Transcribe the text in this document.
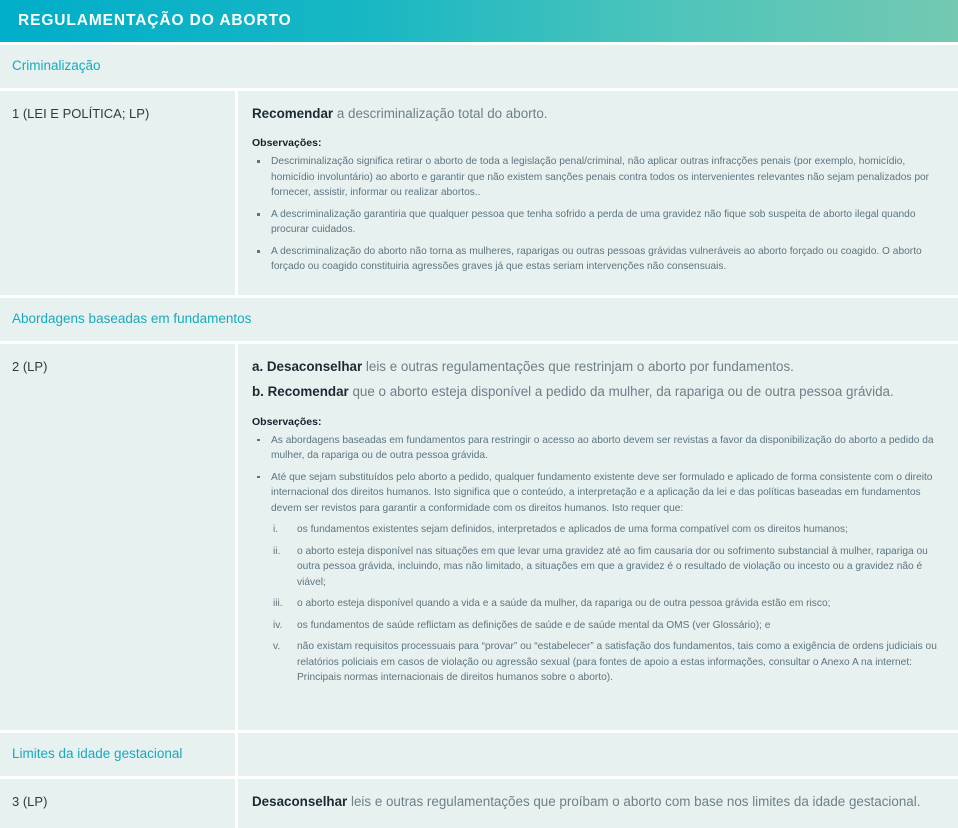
REGULAMENTAÇÃO DO ABORTO
Criminalização
1 (LEI E POLÍTICA; LP)	Recomendar a descriminalização total do aborto.

Observações:
Descriminalização significa retirar o aborto de toda a legislação penal/criminal, não aplicar outras infracções penais (por exemplo, homicídio, homicídio involuntário) ao aborto e garantir que não existem sanções penais contra todos os intervenientes relevantes não sejam penalizados por fornecer, assistir, informar ou realizar abortos..
A descriminalização garantiria que qualquer pessoa que tenha sofrido a perda de uma gravidez não fique sob suspeita de aborto ilegal quando procurar cuidados.
A descriminalização do aborto não torna as mulheres, raparigas ou outras pessoas grávidas vulneráveis ao aborto forçado ou coagido. O aborto forçado ou coagido constituiria agressões graves já que estas seriam intervenções não consensuais.
Abordagens baseadas em fundamentos
2 (LP)	a. Desaconselhar leis e outras regulamentações que restrinjam o aborto por fundamentos.

b. Recomendar que o aborto esteja disponível a pedido da mulher, da rapariga ou de outra pessoa grávida.

Observações:
As abordagens baseadas em fundamentos para restringir o acesso ao aborto devem ser revistas a favor da disponibilização do aborto a pedido da mulher, da rapariga ou de outra pessoa grávida.
Até que sejam substituídos pelo aborto a pedido, qualquer fundamento existente deve ser formulado e aplicado de forma consistente com o direito internacional dos direitos humanos. Isto significa que o conteúdo, a interpretação e a aplicação da lei e das políticas baseadas em fundamentos devem ser revistos para garantir a conformidade com os direitos humanos. Isto requer que:
i.	os fundamentos existentes sejam definidos, interpretados e aplicados de uma forma compatível com os direitos humanos;
ii.	o aborto esteja disponível nas situações em que levar uma gravidez até ao fim causaria dor ou sofrimento substancial à mulher, rapariga ou outra pessoa grávida, incluindo, mas não limitado, a situações em que a gravidez é o resultado de violação ou incesto ou a gravidez não é viável;
iii.	o aborto esteja disponível quando a vida e a saúde da mulher, da rapariga ou de outra pessoa grávida estão em risco;
iv.	os fundamentos de saúde reflictam as definições de saúde e de saúde mental da OMS (ver Glossário); e
v.	não existam requisitos processuais para “provar” ou “estabelecer” a satisfação dos fundamentos, tais como a exigência de ordens judiciais ou relatórios policiais em casos de violação ou agressão sexual (para fontes de apoio a estas informações, consultar o Anexo A na internet: Principais normas internacionais de direitos humanos sobre o aborto).
Limites da idade gestacional
3 (LP)	Desaconselhar leis e outras regulamentações que proíbam o aborto com base nos limites da idade gestacional.
